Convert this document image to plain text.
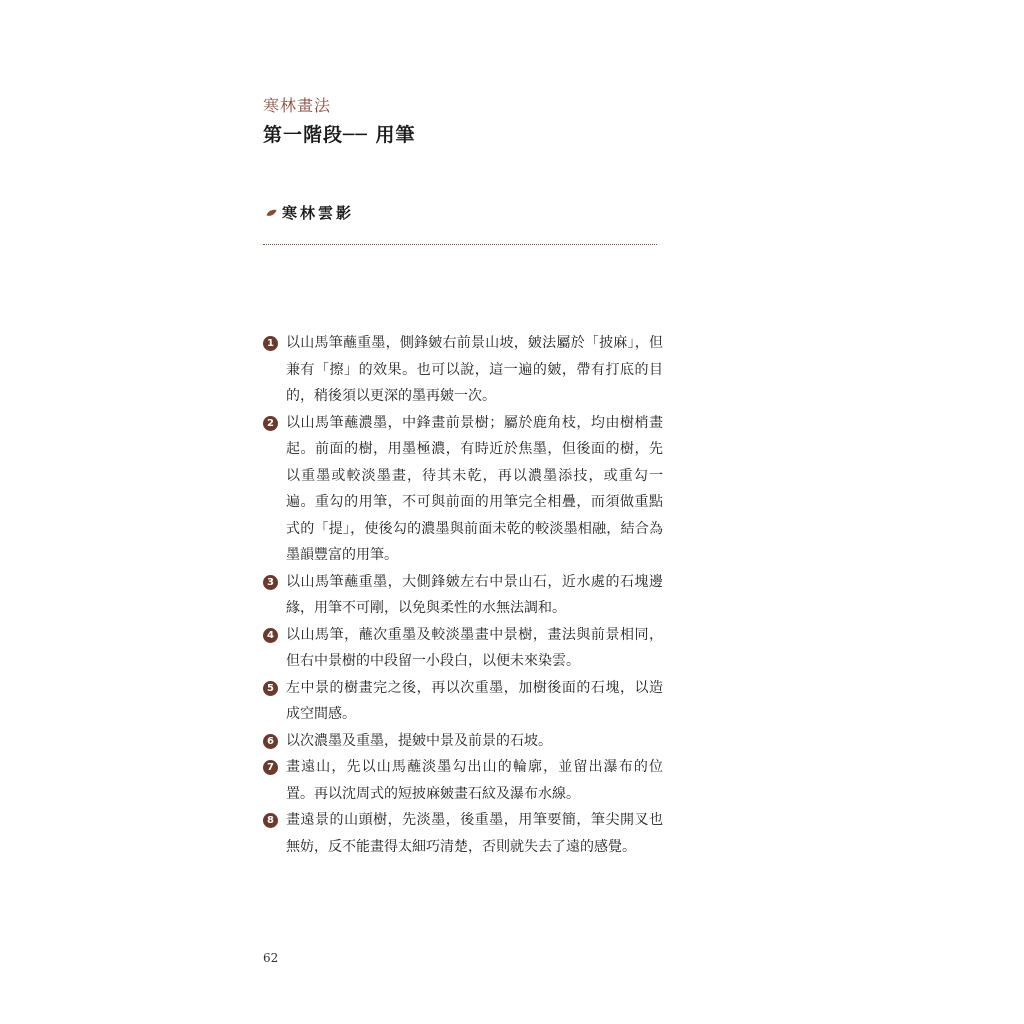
寒林畫法
第一階段── 用筆
寒林雲影
1 以山馬筆蘸重墨，側鋒皴右前景山坡，皴法屬於「披麻」，但兼有「擦」的效果。也可以說，這一遍的皴，帶有打底的目的，稍後須以更深的墨再皴一次。
2 以山馬筆蘸濃墨，中鋒畫前景樹；屬於鹿角枝，均由樹梢畫起。前面的樹，用墨極濃，有時近於焦墨，但後面的樹，先以重墨或較淡墨畫，待其未乾，再以濃墨添技，或重勾一遍。重勾的用筆，不可與前面的用筆完全相疊，而須做重點式的「提」，使後勾的濃墨與前面未乾的較淡墨相融，結合為墨韻豐富的用筆。
3 以山馬筆蘸重墨，大側鋒皴左右中景山石，近水處的石塊邊緣，用筆不可剛，以免與柔性的水無法調和。
4 以山馬筆，蘸次重墨及較淡墨畫中景樹，畫法與前景相同，但右中景樹的中段留一小段白，以便未來染雲。
5 左中景的樹畫完之後，再以次重墨，加樹後面的石塊，以造成空間感。
6 以次濃墨及重墨，提皴中景及前景的石坡。
7 畫遠山，先以山馬蘸淡墨勾出山的輪廓，並留出瀑布的位置。再以沈周式的短披麻皴畫石紋及瀑布水線。
8 畫遠景的山頭樹，先淡墨，後重墨，用筆要簡，筆尖開叉也無妨，反不能畫得太細巧清楚，否則就失去了遠的感覺。
62
